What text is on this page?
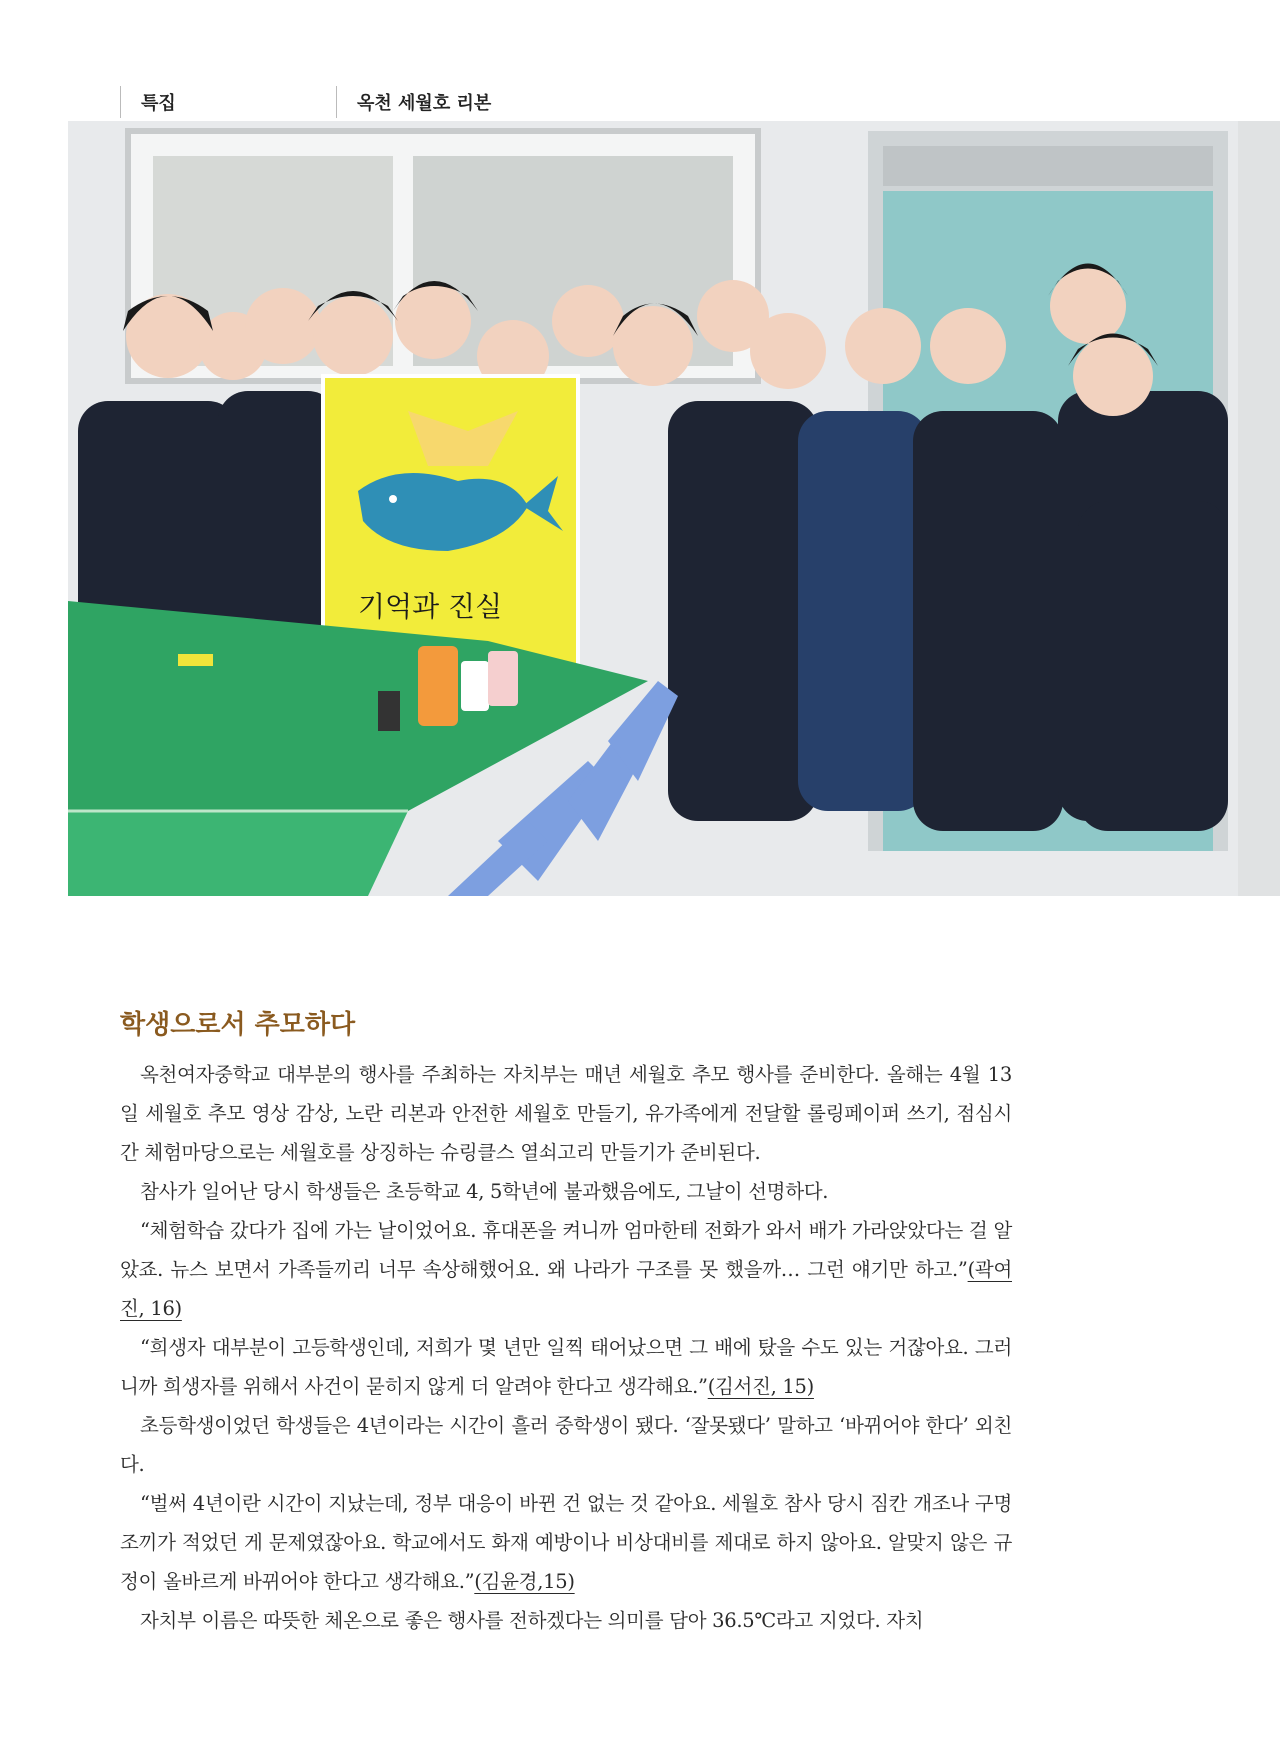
특집	옥천 세월호 리본
기억과 진실
학생으로서 추모하다

옥천여자중학교 대부분의 행사를 주최하는 자치부는 매년 세월호 추모 행사를 준비한다. 올해는 4월 13일 세월호 추모 영상 감상, 노란 리본과 안전한 세월호 만들기, 유가족에게 전달할 롤링페이퍼 쓰기, 점심시간 체험마당으로는 세월호를 상징하는 슈링클스 열쇠고리 만들기가 준비된다.

참사가 일어난 당시 학생들은 초등학교 4, 5학년에 불과했음에도, 그날이 선명하다.

“체험학습 갔다가 집에 가는 날이었어요. 휴대폰을 켜니까 엄마한테 전화가 와서 배가 가라앉았다는 걸 알았죠. 뉴스 보면서 가족들끼리 너무 속상해했어요. 왜 나라가 구조를 못 했을까… 그런 얘기만 하고.”(곽여진, 16)

“희생자 대부분이 고등학생인데, 저희가 몇 년만 일찍 태어났으면 그 배에 탔을 수도 있는 거잖아요. 그러니까 희생자를 위해서 사건이 묻히지 않게 더 알려야 한다고 생각해요.”(김서진, 15)

초등학생이었던 학생들은 4년이라는 시간이 흘러 중학생이 됐다. ‘잘못됐다’ 말하고 ‘바뀌어야 한다’ 외친다.

“벌써 4년이란 시간이 지났는데, 정부 대응이 바뀐 건 없는 것 같아요. 세월호 참사 당시 짐칸 개조나 구명조끼가 적었던 게 문제였잖아요. 학교에서도 화재 예방이나 비상대비를 제대로 하지 않아요. 알맞지 않은 규정이 올바르게 바뀌어야 한다고 생각해요.”(김윤경,15)

자치부 이름은 따뜻한 체온으로 좋은 행사를 전하겠다는 의미를 담아 36.5℃라고 지었다. 자치
